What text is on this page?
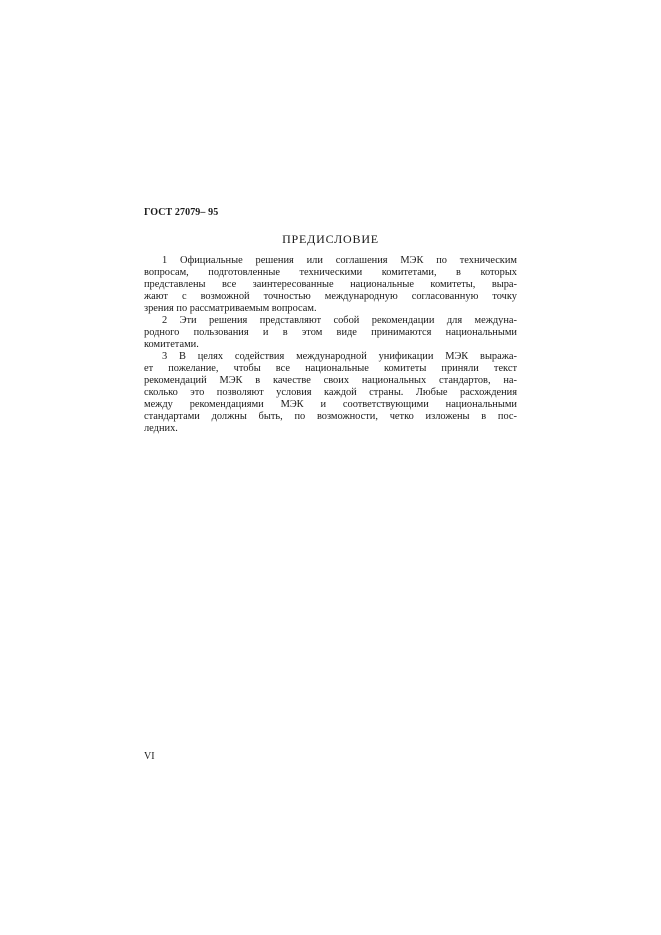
ГОСТ 27079– 95

ПРЕДИСЛОВИЕ
1 Официальные решения или соглашения МЭК по техническим
вопросам, подготовленные техническими комитетами, в которых
представлены все заинтересованные национальные комитеты, выра-
жают с возможной точностью международную согласованную точку
зрения по рассматриваемым вопросам.
2 Эти решения представляют собой рекомендации для междуна-
родного пользования и в этом виде принимаются национальными
комитетами.
3 В целях содействия международной унификации МЭК выража-
ет пожелание, чтобы все национальные комитеты приняли текст
рекомендаций МЭК в качестве своих национальных стандартов, на-
сколько это позволяют условия каждой страны. Любые расхождения
между рекомендациями МЭК и соответствующими национальными
стандартами должны быть, по возможности, четко изложены в пос-
ледних.

VI
